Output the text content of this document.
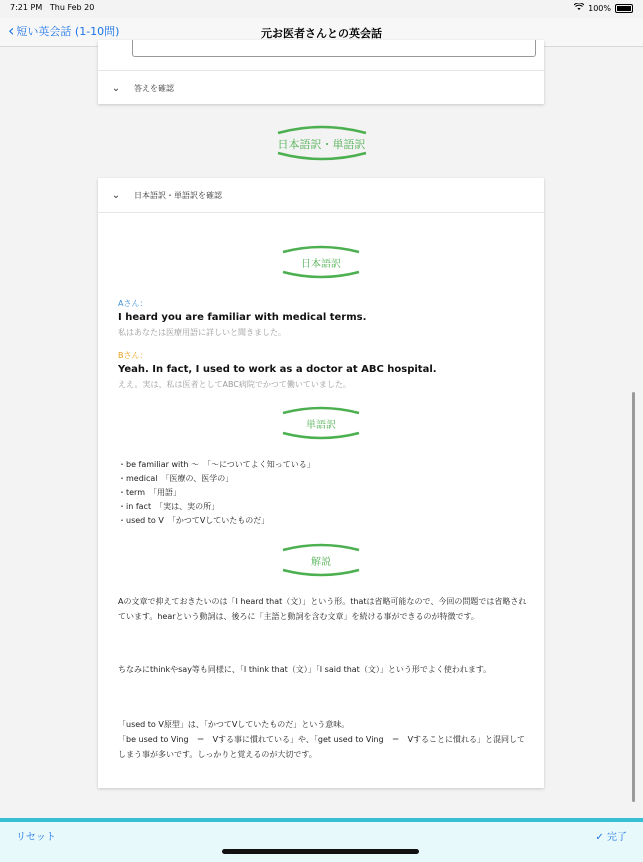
7:21 PM Thu Feb 20	100%
‹ 短い英会話 (1-10問)	元お医者さんとの英会話
⌄	答えを確認
日本語訳・単語訳
⌄	日本語訳・単語訳を確認
日本語訳
Aさん：
I heard you are familiar with medical terms.
私はあなたは医療用語に詳しいと聞きました。
Bさん：
Yeah. In fact, I used to work as a doctor at ABC hospital.
ええ。実は、私は医者としてABC病院でかつて働いていました。
単語訳
・be familiar with 〜　「〜についてよく知っている」
・medical　「医療の、医学の」
・term　「用語」
・in fact　「実は、実の所」
・used to V　「かつてVしていたものだ」
解説
Aの文章で抑えておきたいのは「I heard that（文）」という形。thatは省略可能なので、今回の問題では省略されています。hearという動詞は、後ろに「主語と動詞を含む文章」を続ける事ができるのが特徴です。
ちなみにthinkやsay等も同様に、「I think that（文）」「I said that（文）」という形でよく使われます。
「used to V原型」は、「かつてVしていたものだ」という意味。
「be used to Ving　＝　Vする事に慣れている」や、「get used to Ving　＝　Vすることに慣れる」と混同してしまう事が多いです。しっかりと覚えるのが大切です。
リセット	✓ 完了
